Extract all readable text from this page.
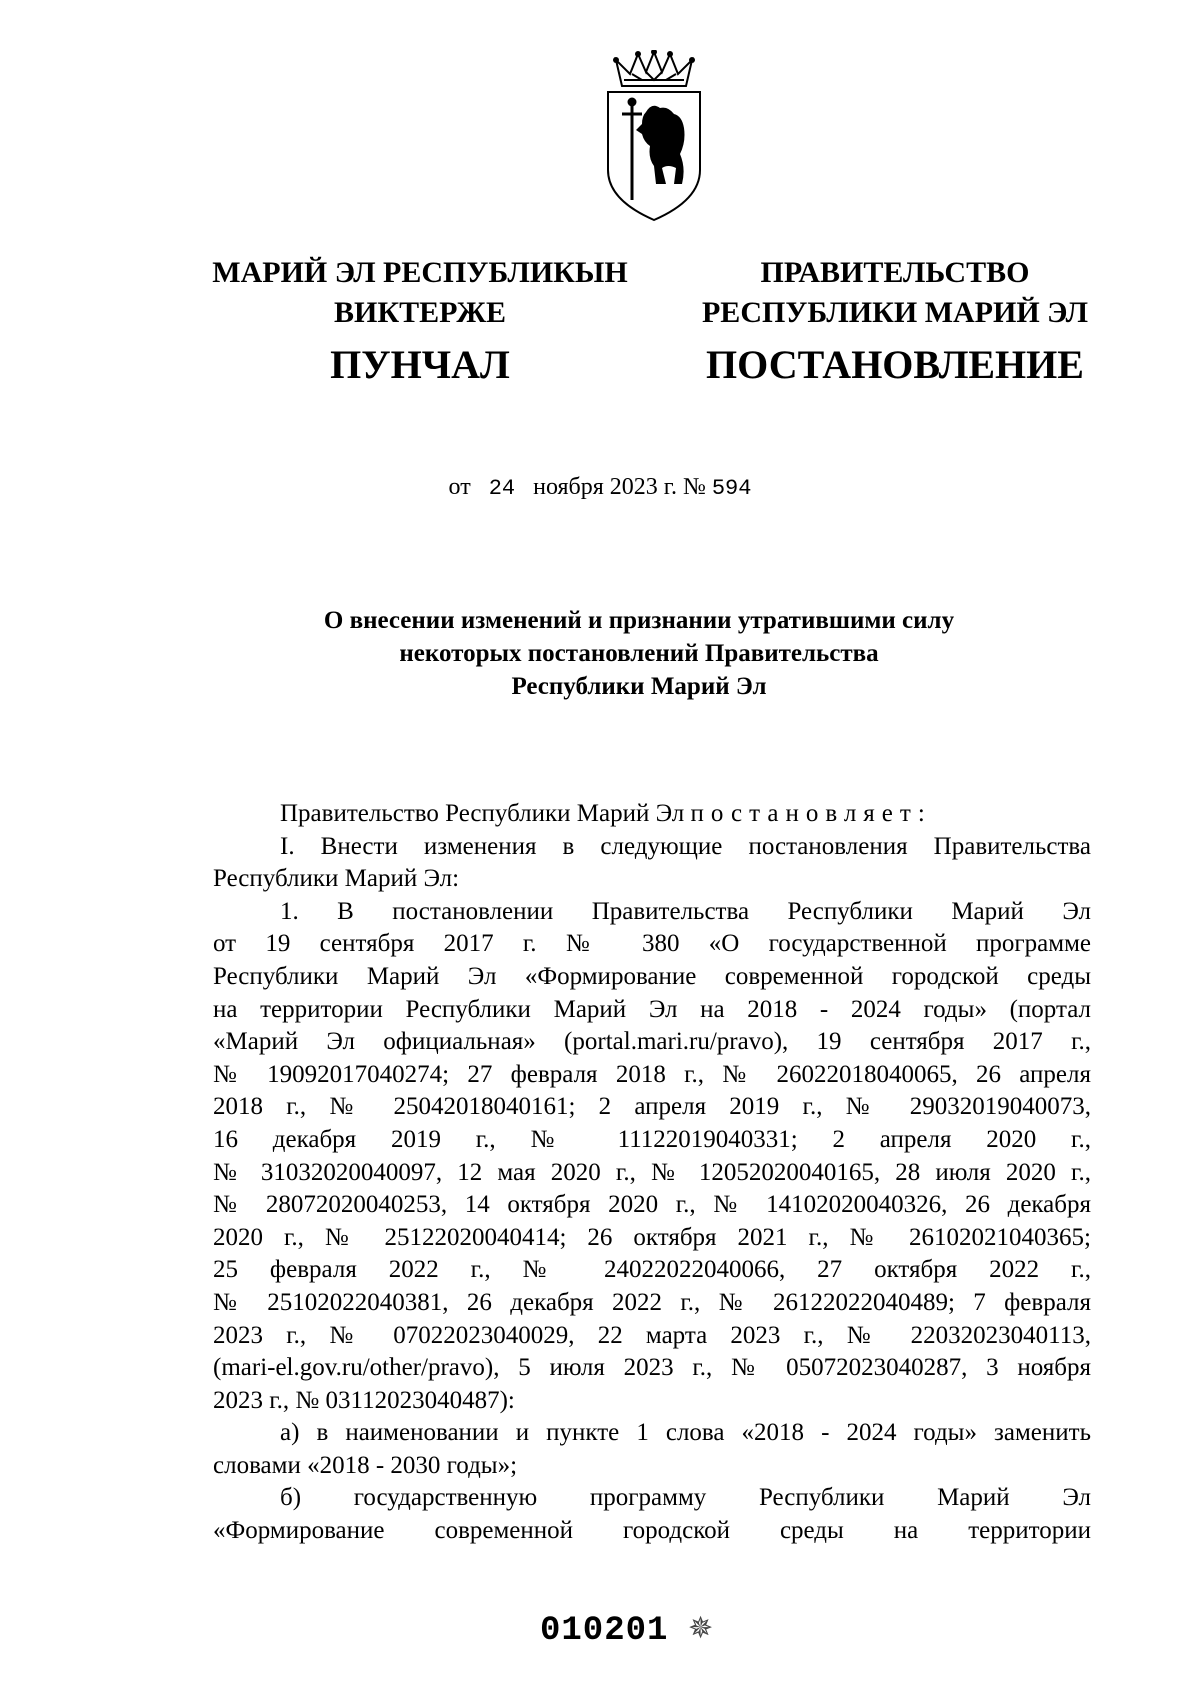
МАРИЙ ЭЛ РЕСПУБЛИКЫН
ВИКТЕРЖЕ
ПУНЧАЛ
ПРАВИТЕЛЬСТВО
РЕСПУБЛИКИ МАРИЙ ЭЛ
ПОСТАНОВЛЕНИЕ
от 24 ноября 2023 г. № 594
О внесении изменений и признании утратившими силу
некоторых постановлений Правительства
Республики Марий Эл
Правительство Республики Марий Эл постановляет:
I. Внести изменения в следующие постановления Правительства
Республики Марий Эл:
1. В постановлении Правительства Республики Марий Эл
от 19 сентября 2017 г. № 380 «О государственной программе
Республики Марий Эл «Формирование современной городской среды
на территории Республики Марий Эл на 2018 - 2024 годы» (портал
«Марий Эл официальная» (portal.mari.ru/pravo), 19 сентября 2017 г.,
№ 19092017040274; 27 февраля 2018 г., № 26022018040065, 26 апреля
2018 г., № 25042018040161; 2 апреля 2019 г., № 29032019040073,
16 декабря 2019 г., № 11122019040331; 2 апреля 2020 г.,
№ 31032020040097, 12 мая 2020 г., № 12052020040165, 28 июля 2020 г.,
№ 28072020040253, 14 октября 2020 г., № 14102020040326, 26 декабря
2020 г., № 25122020040414; 26 октября 2021 г., № 26102021040365;
25 февраля 2022 г., № 24022022040066, 27 октября 2022 г.,
№ 25102022040381, 26 декабря 2022 г., № 26122022040489; 7 февраля
2023 г., № 07022023040029, 22 марта 2023 г., № 22032023040113,
(mari-el.gov.ru/other/pravo), 5 июля 2023 г., № 05072023040287, 3 ноября
2023 г., № 03112023040487):
а) в наименовании и пункте 1 слова «2018 - 2024 годы» заменить
словами «2018 - 2030 годы»;
б) государственную программу Республики Марий Эл
«Формирование современной городской среды на территории
010201 ✵
